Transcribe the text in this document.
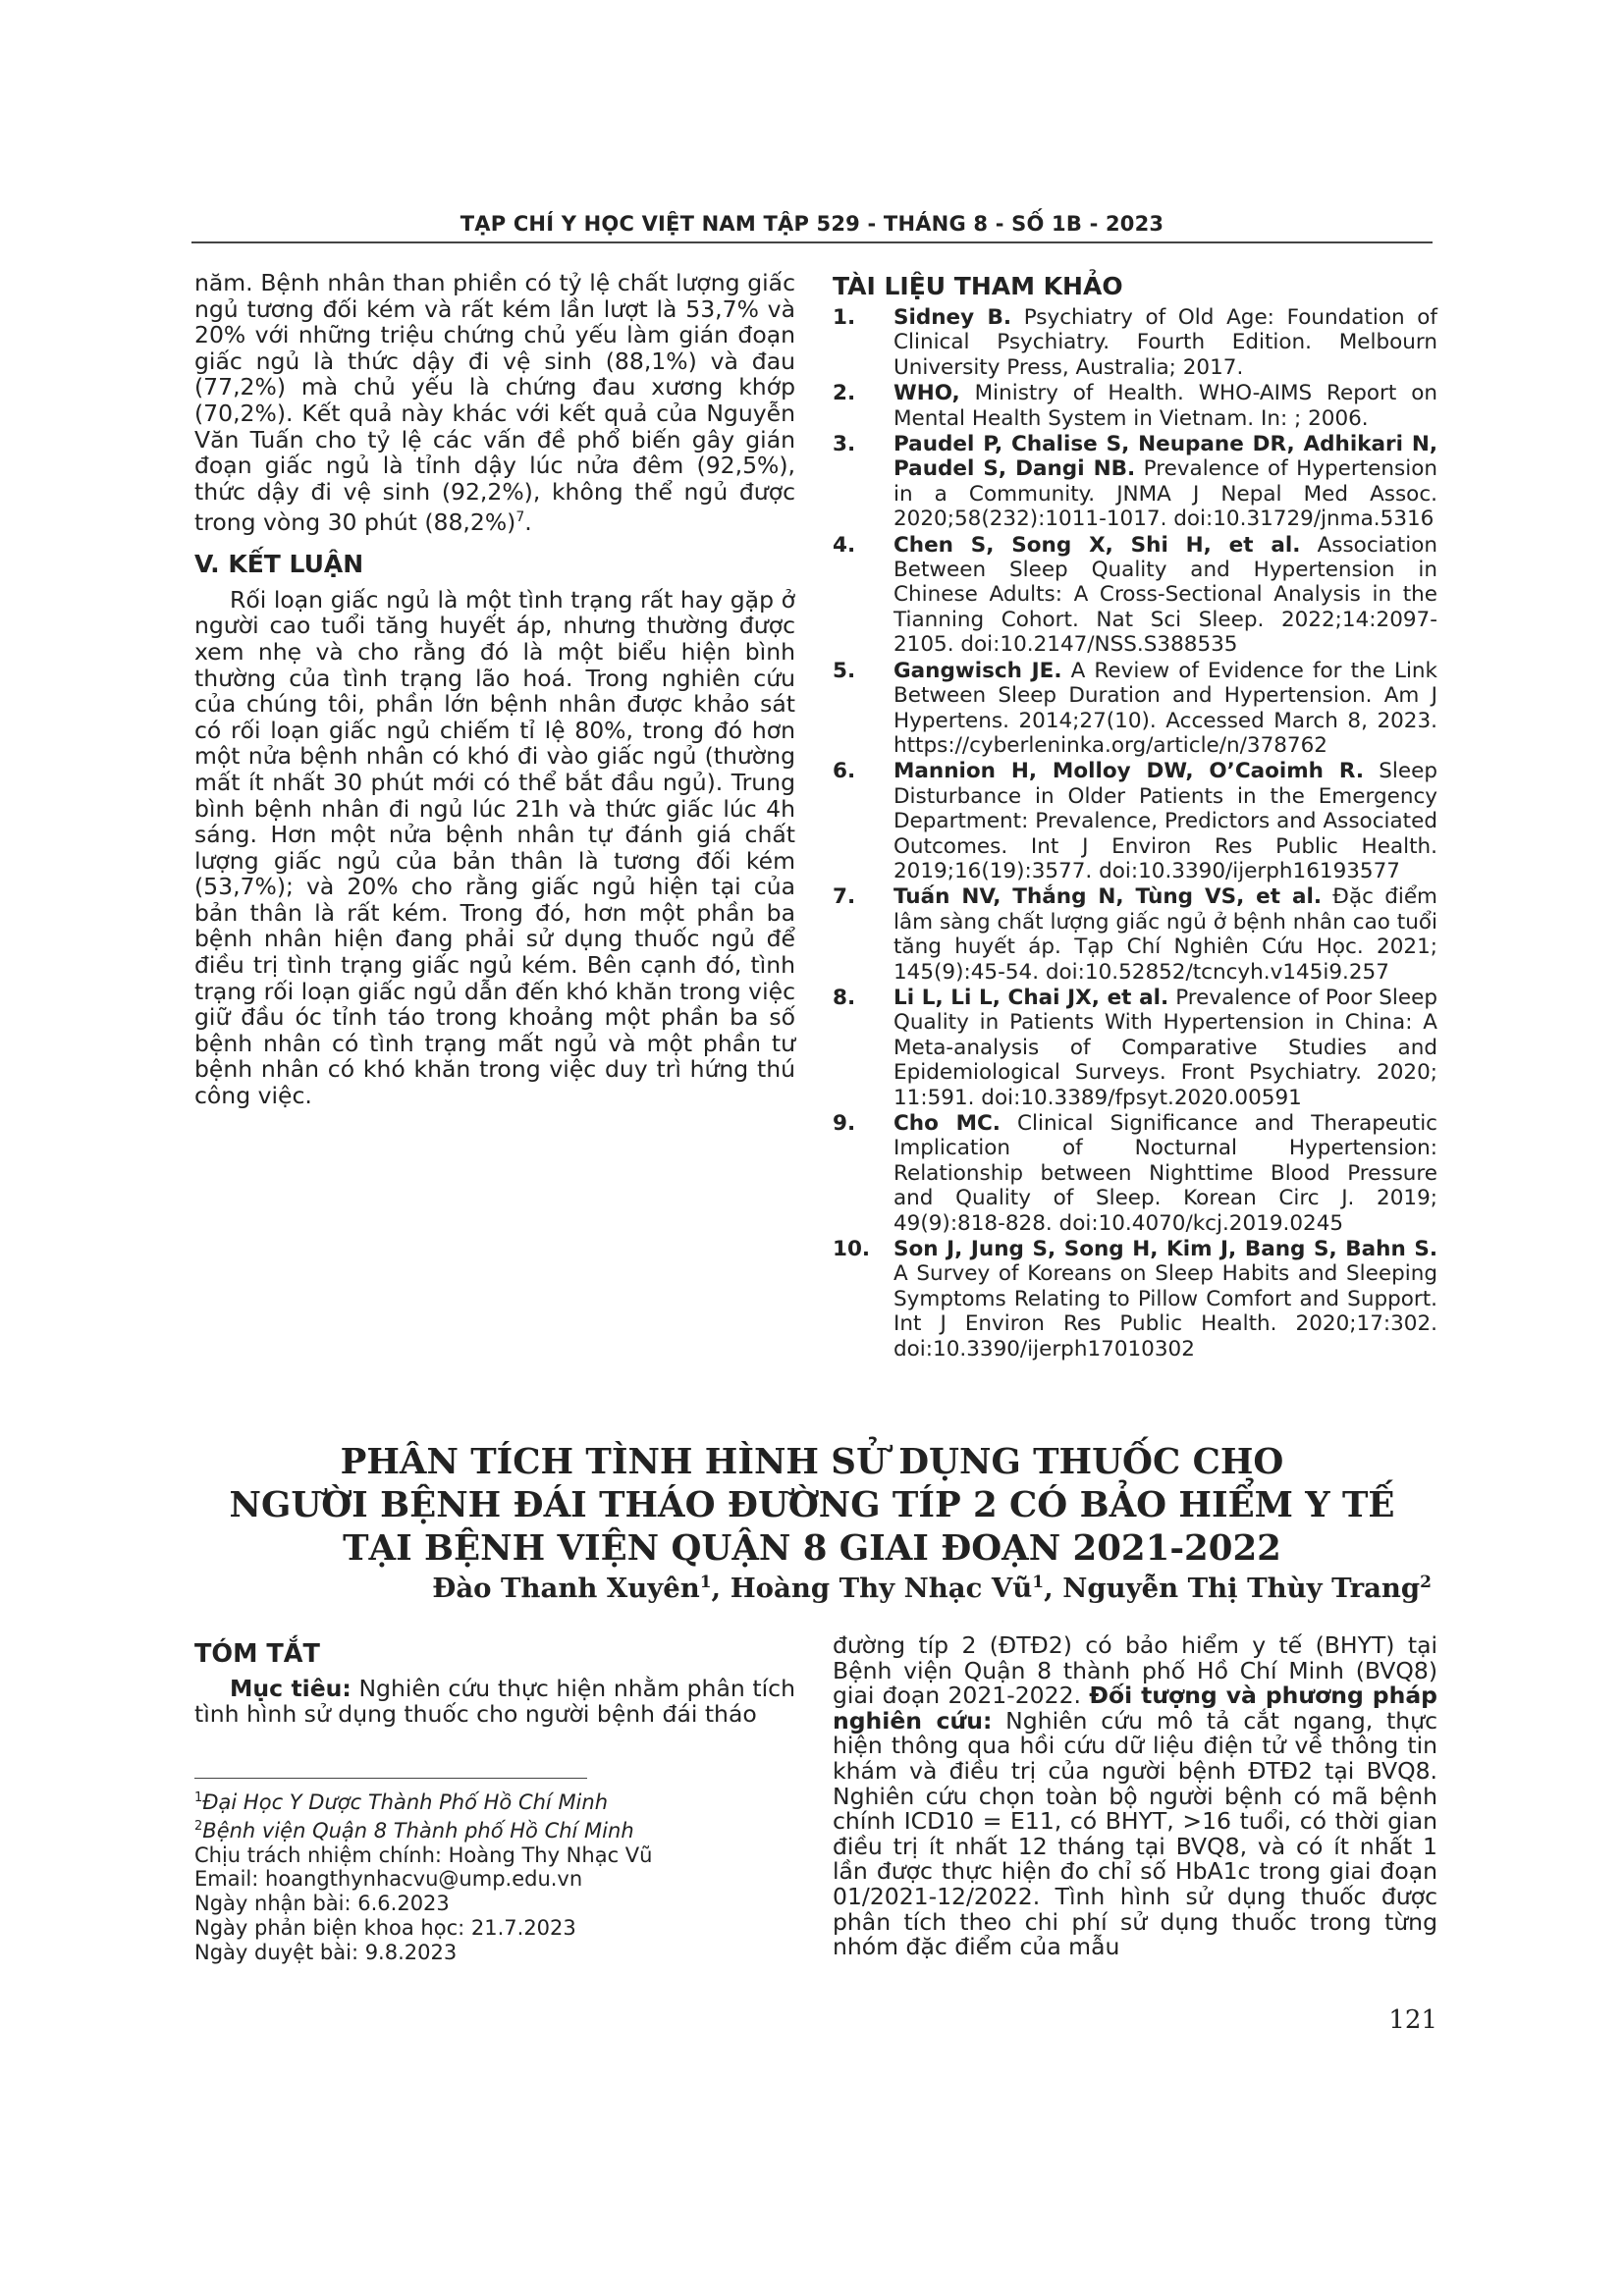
TẠP CHÍ Y HỌC VIỆT NAM TẬP 529 - THÁNG 8 - SỐ 1B - 2023

năm. Bệnh nhân than phiền có tỷ lệ chất lượng giấc ngủ tương đối kém và rất kém lần lượt là 53,7% và 20% với những triệu chứng chủ yếu làm gián đoạn giấc ngủ là thức dậy đi vệ sinh (88,1%) và đau (77,2%) mà chủ yếu là chứng đau xương khớp (70,2%). Kết quả này khác với kết quả của Nguyễn Văn Tuấn cho tỷ lệ các vấn đề phổ biến gây gián đoạn giấc ngủ là tỉnh dậy lúc nửa đêm (92,5%), thức dậy đi vệ sinh (92,2%), không thể ngủ được trong vòng 30 phút $(88,2\%)^7$.

V. KẾT LUẬN

Rối loạn giấc ngủ là một tình trạng rất hay gặp ở người cao tuổi tăng huyết áp, nhưng thường được xem nhẹ và cho rằng đó là một biểu hiện bình thường của tình trạng lão hoá. Trong nghiên cứu của chúng tôi, phần lớn bệnh nhân được khảo sát có rối loạn giấc ngủ chiếm tỉ lệ 80%, trong đó hơn một nửa bệnh nhân có khó đi vào giấc ngủ (thường mất ít nhất 30 phút mới có thể bắt đầu ngủ). Trung bình bệnh nhân đi ngủ lúc 21h và thức giấc lúc 4h sáng. Hơn một nửa bệnh nhân tự đánh giá chất lượng giấc ngủ của bản thân là tương đối kém (53,7%); và 20% cho rằng giấc ngủ hiện tại của bản thân là rất kém. Trong đó, hơn một phần ba bệnh nhân hiện đang phải sử dụng thuốc ngủ để điều trị tình trạng giấc ngủ kém. Bên cạnh đó, tình trạng rối loạn giấc ngủ dẫn đến khó khăn trong việc giữ đầu óc tỉnh táo trong khoảng một phần ba số bệnh nhân có tình trạng mất ngủ và một phần tư bệnh nhân có khó khăn trong việc duy trì hứng thú công việc.

TÀI LIỆU THAM KHẢO
1. Sidney B. Psychiatry of Old Age: Foundation of Clinical Psychiatry. Fourth Edition. Melbourn University Press, Australia; 2017.
2. WHO, Ministry of Health. WHO-AIMS Report on Mental Health System in Vietnam. In: ; 2006.
3. Paudel P, Chalise S, Neupane DR, Adhikari N, Paudel S, Dangi NB. Prevalence of Hypertension in a Community. JNMA J Nepal Med Assoc. 2020;58(232):1011-1017. doi:10.31729/jnma.5316
4. Chen S, Song X, Shi H, et al. Association Between Sleep Quality and Hypertension in Chinese Adults: A Cross-Sectional Analysis in the Tianning Cohort. Nat Sci Sleep. 2022;14:2097-2105. doi:10.2147/NSS.S388535
5. Gangwisch JE. A Review of Evidence for the Link Between Sleep Duration and Hypertension. Am J Hypertens. 2014;27(10). Accessed March 8, 2023. https://cyberleninka.org/article/n/378762
6. Mannion H, Molloy DW, O’Caoimh R. Sleep Disturbance in Older Patients in the Emergency Department: Prevalence, Predictors and Associated Outcomes. Int J Environ Res Public Health. 2019;16(19):3577. doi:10.3390/ijerph16193577
7. Tuấn NV, Thắng N, Tùng VS, et al. Đặc điểm lâm sàng chất lượng giấc ngủ ở bệnh nhân cao tuổi tăng huyết áp. Tạp Chí Nghiên Cứu Học. 2021; 145(9):45-54. doi:10.52852/tcncyh.v145i9.257
8. Li L, Li L, Chai JX, et al. Prevalence of Poor Sleep Quality in Patients With Hypertension in China: A Meta-analysis of Comparative Studies and Epidemiological Surveys. Front Psychiatry. 2020; 11:591. doi:10.3389/fpsyt.2020.00591
9. Cho MC. Clinical Significance and Therapeutic Implication of Nocturnal Hypertension: Relationship between Nighttime Blood Pressure and Quality of Sleep. Korean Circ J. 2019; 49(9):818-828. doi:10.4070/kcj.2019.0245
10. Son J, Jung S, Song H, Kim J, Bang S, Bahn S. A Survey of Koreans on Sleep Habits and Sleeping Symptoms Relating to Pillow Comfort and Support. Int J Environ Res Public Health. 2020;17:302. doi:10.3390/ijerph17010302
PHÂN TÍCH TÌNH HÌNH SỬ DỤNG THUỐC CHO
NGƯỜI BỆNH ĐÁI THÁO ĐƯỜNG TÍP 2 CÓ BẢO HIỂM Y TẾ
TẠI BỆNH VIỆN QUẬN 8 GIAI ĐOẠN 2021-2022
Đào Thanh Xuyên$^1$, Hoàng Thy Nhạc $Vũ^1$, Nguyễn Thị Thùy Trang$^2$
TÓM TẮT

Mục tiêu: Nghiên cứu thực hiện nhằm phân tích tình hình sử dụng thuốc cho người bệnh đái tháo

$^1$Đại Học Y Dược Thành Phố Hồ Chí Minh
$^2$Bệnh viện Quận 8 Thành phố Hồ Chí Minh
Chịu trách nhiệm chính: Hoàng Thy Nhạc Vũ
Email: hoangthynhacvu@ump.edu.vn
Ngày nhận bài: 6.6.2023
Ngày phản biện khoa học: 21.7.2023
Ngày duyệt bài: 9.8.2023

đường típ 2 (ĐTĐ2) có bảo hiểm y tế (BHYT) tại Bệnh viện Quận 8 thành phố Hồ Chí Minh (BVQ8) giai đoạn 2021-2022. Đối tượng và phương pháp nghiên cứu: Nghiên cứu mô tả cắt ngang, thực hiện thông qua hồi cứu dữ liệu điện tử về thông tin khám và điều trị của người bệnh ĐTĐ2 tại BVQ8. Nghiên cứu chọn toàn bộ người bệnh có mã bệnh chính ICD10 = E11, có BHYT, >16 tuổi, có thời gian điều trị ít nhất 12 tháng tại BVQ8, và có ít nhất 1 lần được thực hiện đo chỉ số HbA1c trong giai đoạn 01/2021-12/2022. Tình hình sử dụng thuốc được phân tích theo chi phí sử dụng thuốc trong từng nhóm đặc điểm của mẫu

121
